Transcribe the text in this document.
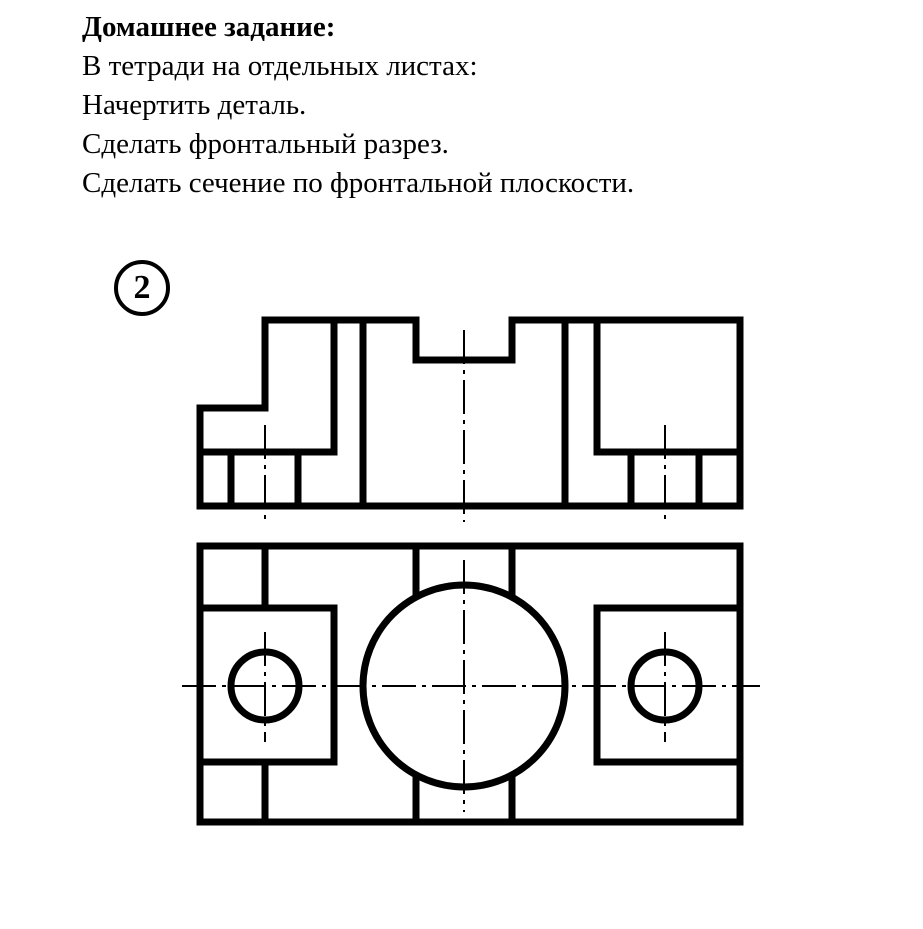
Домашнее задание:

В тетради на отдельных листах:

Начертить деталь.

Сделать фронтальный разрез.

Сделать сечение по фронтальной плоскости.

2
